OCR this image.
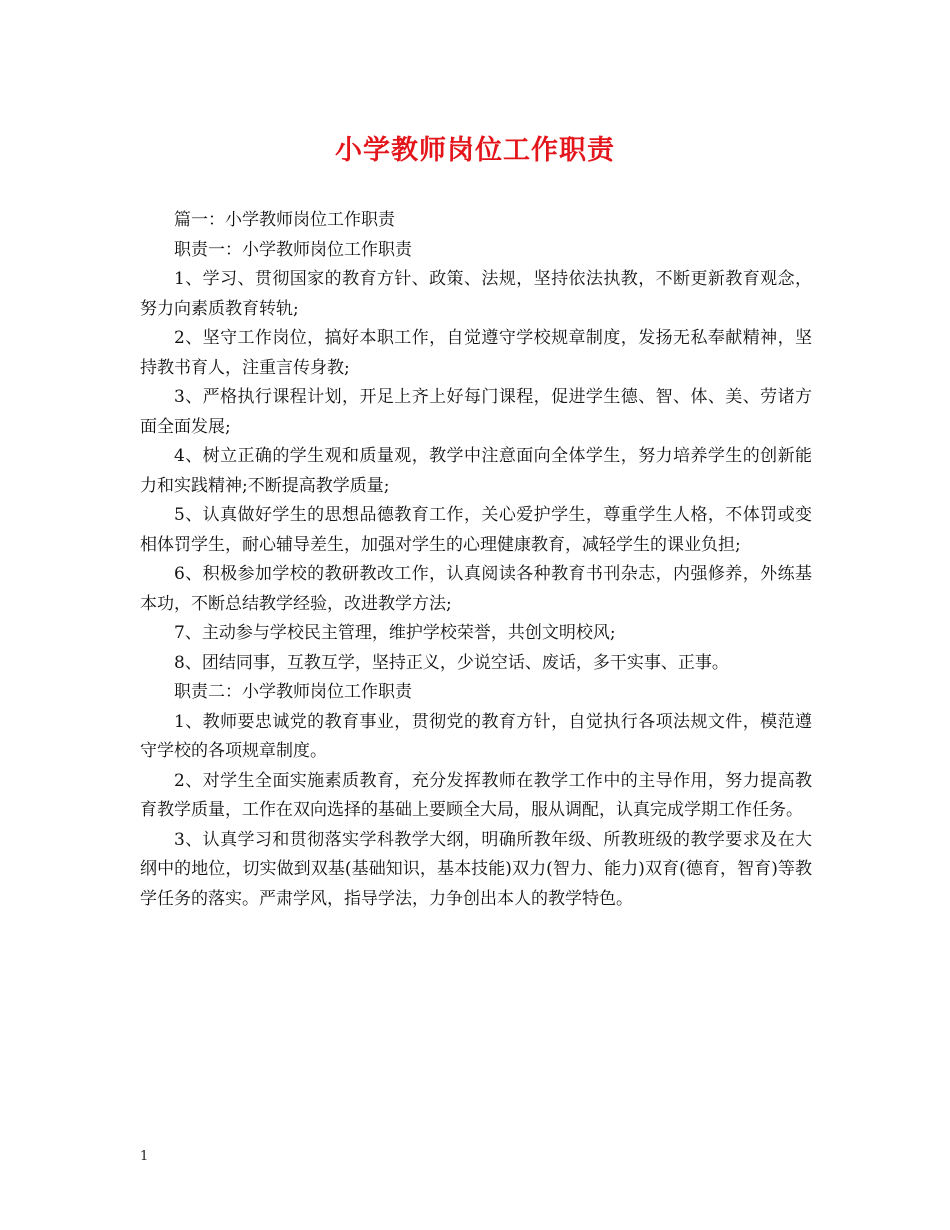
小学教师岗位工作职责

篇一：小学教师岗位工作职责

职责一：小学教师岗位工作职责

1、学习、贯彻国家的教育方针、政策、法规，坚持依法执教，不断更新教育观念，努力向素质教育转轨;

2、坚守工作岗位，搞好本职工作，自觉遵守学校规章制度，发扬无私奉献精神，坚持教书育人，注重言传身教;

3、严格执行课程计划，开足上齐上好每门课程，促进学生德、智、体、美、劳诸方面全面发展;

4、树立正确的学生观和质量观，教学中注意面向全体学生，努力培养学生的创新能力和实践精神;不断提高教学质量;

5、认真做好学生的思想品德教育工作，关心爱护学生，尊重学生人格，不体罚或变相体罚学生，耐心辅导差生，加强对学生的心理健康教育，减轻学生的课业负担;

6、积极参加学校的教研教改工作，认真阅读各种教育书刊杂志，内强修养，外练基本功，不断总结教学经验，改进教学方法;

7、主动参与学校民主管理，维护学校荣誉，共创文明校风;

8、团结同事，互教互学，坚持正义，少说空话、废话，多干实事、正事。

职责二：小学教师岗位工作职责

1、教师要忠诚党的教育事业，贯彻党的教育方针，自觉执行各项法规文件，模范遵守学校的各项规章制度。

2、对学生全面实施素质教育，充分发挥教师在教学工作中的主导作用，努力提高教育教学质量，工作在双向选择的基础上要顾全大局，服从调配，认真完成学期工作任务。

3、认真学习和贯彻落实学科教学大纲，明确所教年级、所教班级的教学要求及在大纲中的地位，切实做到双基(基础知识，基本技能)双力(智力、能力)双育(德育，智育)等教学任务的落实。严肃学风，指导学法，力争创出本人的教学特色。

1
